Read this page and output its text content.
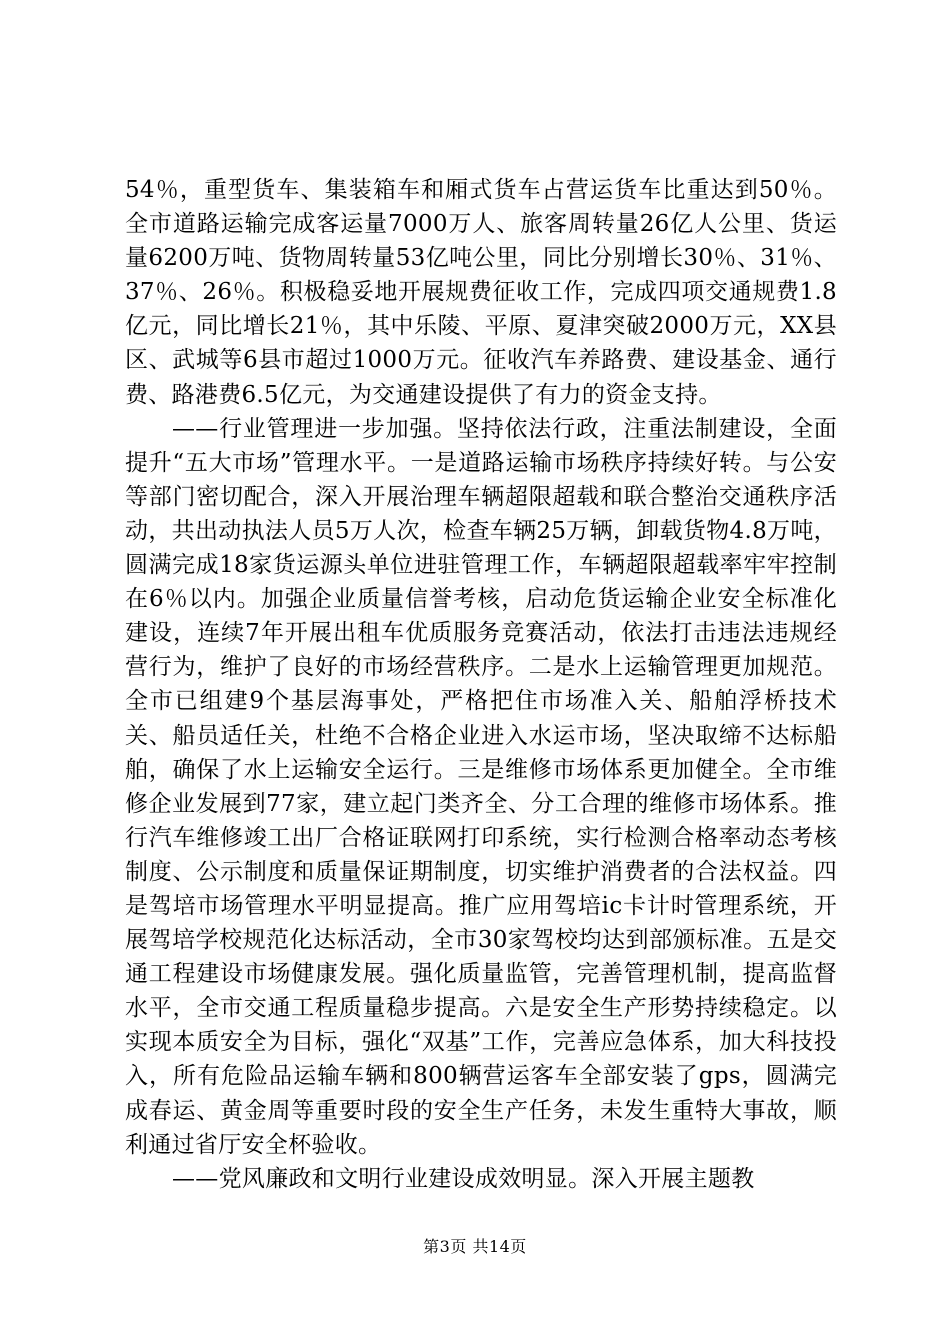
54％，重型货车、集装箱车和厢式货车占营运货车比重达到50％。全市道路运输完成客运量7000万人、旅客周转量26亿人公里、货运量6200万吨、货物周转量53亿吨公里，同比分别增长30％、31％、37％、26％。积极稳妥地开展规费征收工作，完成四项交通规费1.8亿元，同比增长21％，其中乐陵、平原、夏津突破2000万元，XX县区、武城等6县市超过1000万元。征收汽车养路费、建设基金、通行费、路港费6.5亿元，为交通建设提供了有力的资金支持。

——行业管理进一步加强。坚持依法行政，注重法制建设，全面提升“五大市场”管理水平。一是道路运输市场秩序持续好转。与公安等部门密切配合，深入开展治理车辆超限超载和联合整治交通秩序活动，共出动执法人员5万人次，检查车辆25万辆，卸载货物4.8万吨，圆满完成18家货运源头单位进驻管理工作，车辆超限超载率牢牢控制在6％以内。加强企业质量信誉考核，启动危货运输企业安全标准化建设，连续7年开展出租车优质服务竞赛活动，依法打击违法违规经营行为，维护了良好的市场经营秩序。二是水上运输管理更加规范。全市已组建9个基层海事处，严格把住市场准入关、船舶浮桥技术关、船员适任关，杜绝不合格企业进入水运市场，坚决取缔不达标船舶，确保了水上运输安全运行。三是维修市场体系更加健全。全市维修企业发展到77家，建立起门类齐全、分工合理的维修市场体系。推行汽车维修竣工出厂合格证联网打印系统，实行检测合格率动态考核制度、公示制度和质量保证期制度，切实维护消费者的合法权益。四是驾培市场管理水平明显提高。推广应用驾培ic卡计时管理系统，开展驾培学校规范化达标活动，全市30家驾校均达到部颁标准。五是交通工程建设市场健康发展。强化质量监管，完善管理机制，提高监督水平，全市交通工程质量稳步提高。六是安全生产形势持续稳定。以实现本质安全为目标，强化“双基”工作，完善应急体系，加大科技投入，所有危险品运输车辆和800辆营运客车全部安装了gps，圆满完成春运、黄金周等重要时段的安全生产任务，未发生重特大事故，顺利通过省厅安全杯验收。

——党风廉政和文明行业建设成效明显。深入开展主题教

第3页 共14页
